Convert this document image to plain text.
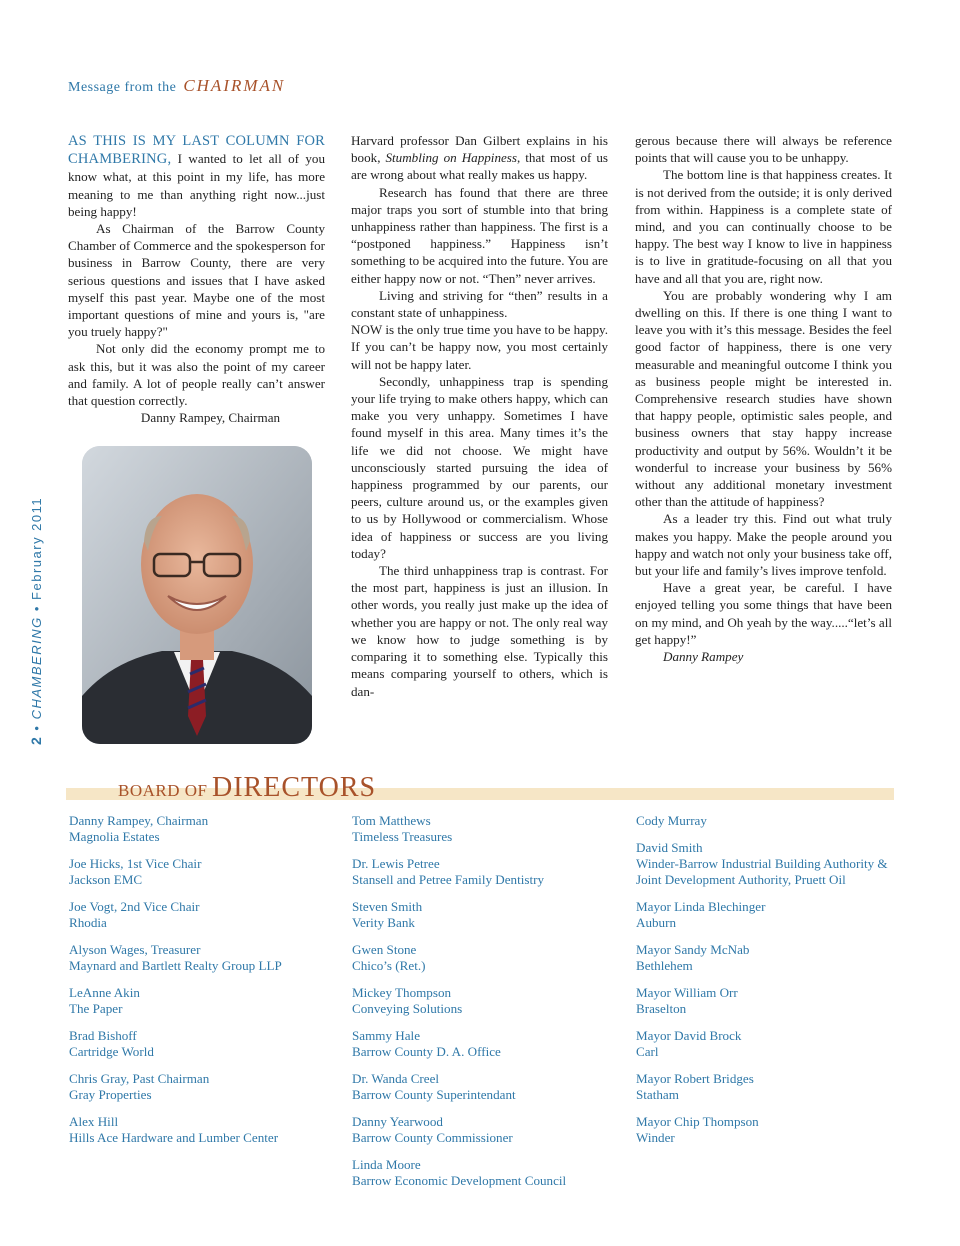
Message from the CHAIRMAN
2 • CHAMBERING • February 2011

AS THIS IS MY LAST COLUMN FOR CHAMBERING, I wanted to let all of you know what, at this point in my life, has more meaning to me than anything right now...just being happy!

As Chairman of the Barrow County Chamber of Commerce and the spokesperson for business in Barrow County, there are very serious questions and issues that I have asked myself this past year. Maybe one of the most important questions of mine and yours is, "are you truely happy?"

Not only did the economy prompt me to ask this, but it was also the point of my career and family. A lot of people really can’t answer that question correctly.

Danny Rampey, Chairman

Harvard professor Dan Gilbert explains in his book, Stumbling on Happiness, that most of us are wrong about what really makes us happy.

Research has found that there are three major traps you sort of stumble into that bring unhappiness rather than happiness. The first is a “postponed happiness.” Happiness isn’t something to be acquired into the future. You are either happy now or not. “Then” never arrives.

Living and striving for “then” results in a constant state of unhappiness.

NOW is the only true time you have to be happy. If you can’t be happy now, you most certainly will not be happy later.

Secondly, unhappiness trap is spending your life trying to make others happy, which can make you very unhappy. Sometimes I have found myself in this area. Many times it’s the life we did not choose. We might have unconsciously started pursuing the idea of happiness programmed by our parents, our peers, culture around us, or the examples given to us by Hollywood or commercialism. Whose idea of happiness or success are you living today?

The third unhappiness trap is contrast. For the most part, happiness is just an illusion. In other words, you really just make up the idea of whether you are happy or not. The only real way we know how to judge something is by comparing it to something else. Typically this means comparing yourself to others, which is dan-

gerous because there will always be reference points that will cause you to be unhappy.

The bottom line is that happiness creates. It is not derived from the outside; it is only derived from within. Happiness is a complete state of mind, and you can continually choose to be happy. The best way I know to live in happiness is to live in gratitude-focusing on all that you have and all that you are, right now.

You are probably wondering why I am dwelling on this. If there is one thing I want to leave you with it’s this message. Besides the feel good factor of happiness, there is one very measurable and meaningful outcome I think you as business people might be interested in. Comprehensive research studies have shown that happy people, optimistic sales people, and business owners that stay happy increase productivity and output by 56%. Wouldn’t it be wonderful to increase your business by 56% without any additional monetary investment other than the attitude of happiness?

As a leader try this. Find out what truly makes you happy. Make the people around you happy and watch not only your business take off, but your life and family’s lives improve tenfold.

Have a great year, be careful. I have enjoyed telling you some things that have been on my mind, and Oh yeah by the way.....“let’s all get happy!”

Danny Rampey

BOARD OF DIRECTORS
Danny Rampey, Chairman
Magnolia Estates
Joe Hicks, 1st Vice Chair
Jackson EMC
Joe Vogt, 2nd Vice Chair
Rhodia
Alyson Wages, Treasurer
Maynard and Bartlett Realty Group LLP
LeAnne Akin
The Paper
Brad Bishoff
Cartridge World
Chris Gray, Past Chairman
Gray Properties
Alex Hill
Hills Ace Hardware and Lumber Center
Tom Matthews
Timeless Treasures
Dr. Lewis Petree
Stansell and Petree Family Dentistry
Steven Smith
Verity Bank
Gwen Stone
Chico’s (Ret.)
Mickey Thompson
Conveying Solutions
Sammy Hale
Barrow County D. A. Office
Dr. Wanda Creel
Barrow County Superintendant
Danny Yearwood
Barrow County Commissioner
Linda Moore
Barrow Economic Development Council
Cody Murray
David Smith
Winder-Barrow Industrial Building Authority &
Joint Development Authority, Pruett Oil
Mayor Linda Blechinger
Auburn
Mayor Sandy McNab
Bethlehem
Mayor William Orr
Braselton
Mayor David Brock
Carl
Mayor Robert Bridges
Statham
Mayor Chip Thompson
Winder
